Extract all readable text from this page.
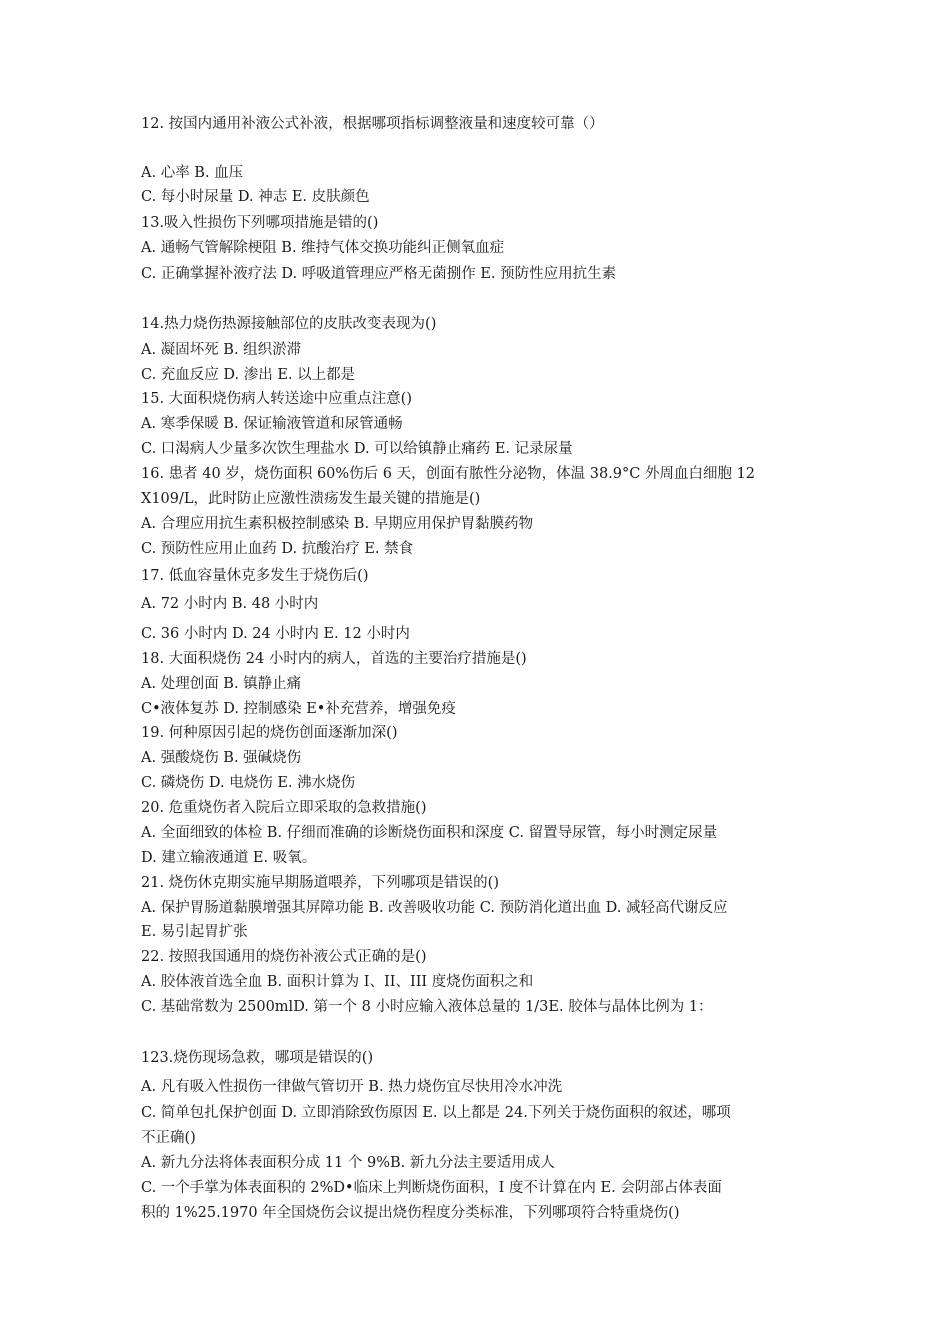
12. 按国内通用补液公式补液，根据哪项指标调整液量和速度较可靠（）
A. 心率 B. 血压
C. 每小时尿量 D. 神志 E. 皮肤颜色
13.吸入性损伤下列哪项措施是错的()
A. 通畅气管解除梗阻 B. 维持气体交换功能纠正侧氧血症
C. 正确掌握补液疗法 D. 呼吸道管理应严格无菌捌作 E. 预防性应用抗生素
14.热力烧伤热源接触部位的皮肤改变表现为()
A. 凝固坏死 B. 组织淤滞
C. 充血反应 D. 渗出 E. 以上都是
15. 大面积烧伤病人转送途中应重点注意()
A. 寒季保暖 B. 保证输液管道和尿管通畅
C. 口渴病人少量多次饮生理盐水 D. 可以给镇静止痛药 E. 记录尿量
16. 患者 40 岁，烧伤面积 60%伤后 6 天，创面有脓性分泌物，体温 38.9°C 外周血白细胞 12
X109/L，此时防止应激性溃疡发生最关键的措施是()
A. 合理应用抗生素积极控制感染 B. 早期应用保护胃黏膜药物
C. 预防性应用止血药 D. 抗酸治疗 E. 禁食
17. 低血容量休克多发生于烧伤后()
A. 72 小时内 B. 48 小时内
C. 36 小时内 D. 24 小时内 E. 12 小时内
18. 大面积烧伤 24 小时内的病人，首选的主要治疗措施是()
A. 处理创面 B. 镇静止痛
C•液体复苏 D. 控制感染 E•补充营养，增强免疫
19. 何种原因引起的烧伤创面逐渐加深()
A. 强酸烧伤 B. 强碱烧伤
C. 磷烧伤 D. 电烧伤 E. 沸水烧伤
20. 危重烧伤者入院后立即采取的急救措施()
A. 全面细致的体检 B. 仔细而准确的诊断烧伤面积和深度 C. 留置导尿管，每小时测定尿量
D. 建立输液通道 E. 吸氧。
21. 烧伤休克期实施早期肠道喂养，下列哪项是错误的()
A. 保护胃肠道黏膜增强其屏障功能 B. 改善吸收功能 C. 预防消化道出血 D. 减轻高代谢反应
E. 易引起胃扩张
22. 按照我国通用的烧伤补液公式正确的是()
A. 胶体液首选全血 B. 面积计算为 I、II、III 度烧伤面积之和
C. 基础常数为 2500mlD. 第一个 8 小时应输入液体总量的 1/3E. 胶体与晶体比例为 1：
123.烧伤现场急救，哪项是错误的()
A. 凡有吸入性损伤一律做气管切开 B. 热力烧伤宜尽快用冷水冲洗
C. 简单包扎保护创面 D. 立即消除致伤原因 E. 以上都是 24.下列关于烧伤面积的叙述，哪项
不正确()
A. 新九分法将体表面积分成 11 个 9%B. 新九分法主要适用成人
C. 一个手掌为体表面积的 2%D•临床上判断烧伤面积，I 度不计算在内 E. 会阴部占体表面
积的 1%25.1970 年全国烧伤会议提出烧伤程度分类标准，下列哪项符合特重烧伤()
